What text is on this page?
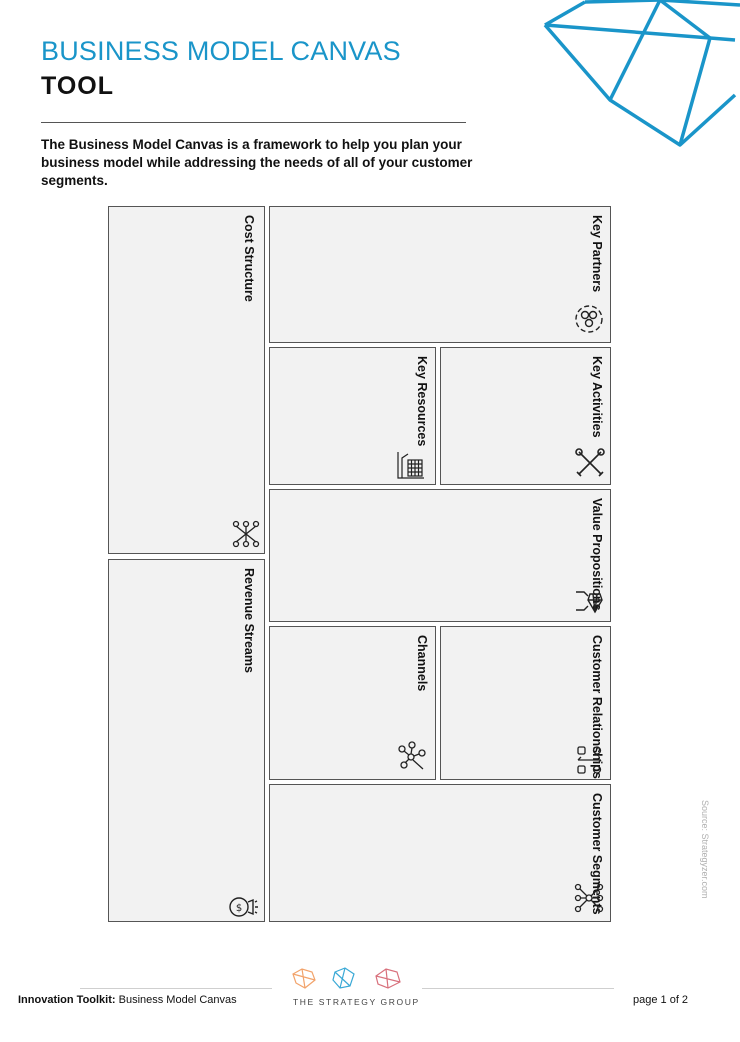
BUSINESS MODEL CANVAS
TOOL
The Business Model Canvas is a framework to help you plan your business model while addressing the needs of all of your customer segments.
Cost Structure
Revenue Streams
$
Key Partners
Key Resources	Key Activities
Value Propositions
Channels	Customer Relationships
Customer Segments	Source: Strategyzer.com
THE STRATEGY GROUP
Innovation Toolkit: Business Model Canvas	page 1 of 2
